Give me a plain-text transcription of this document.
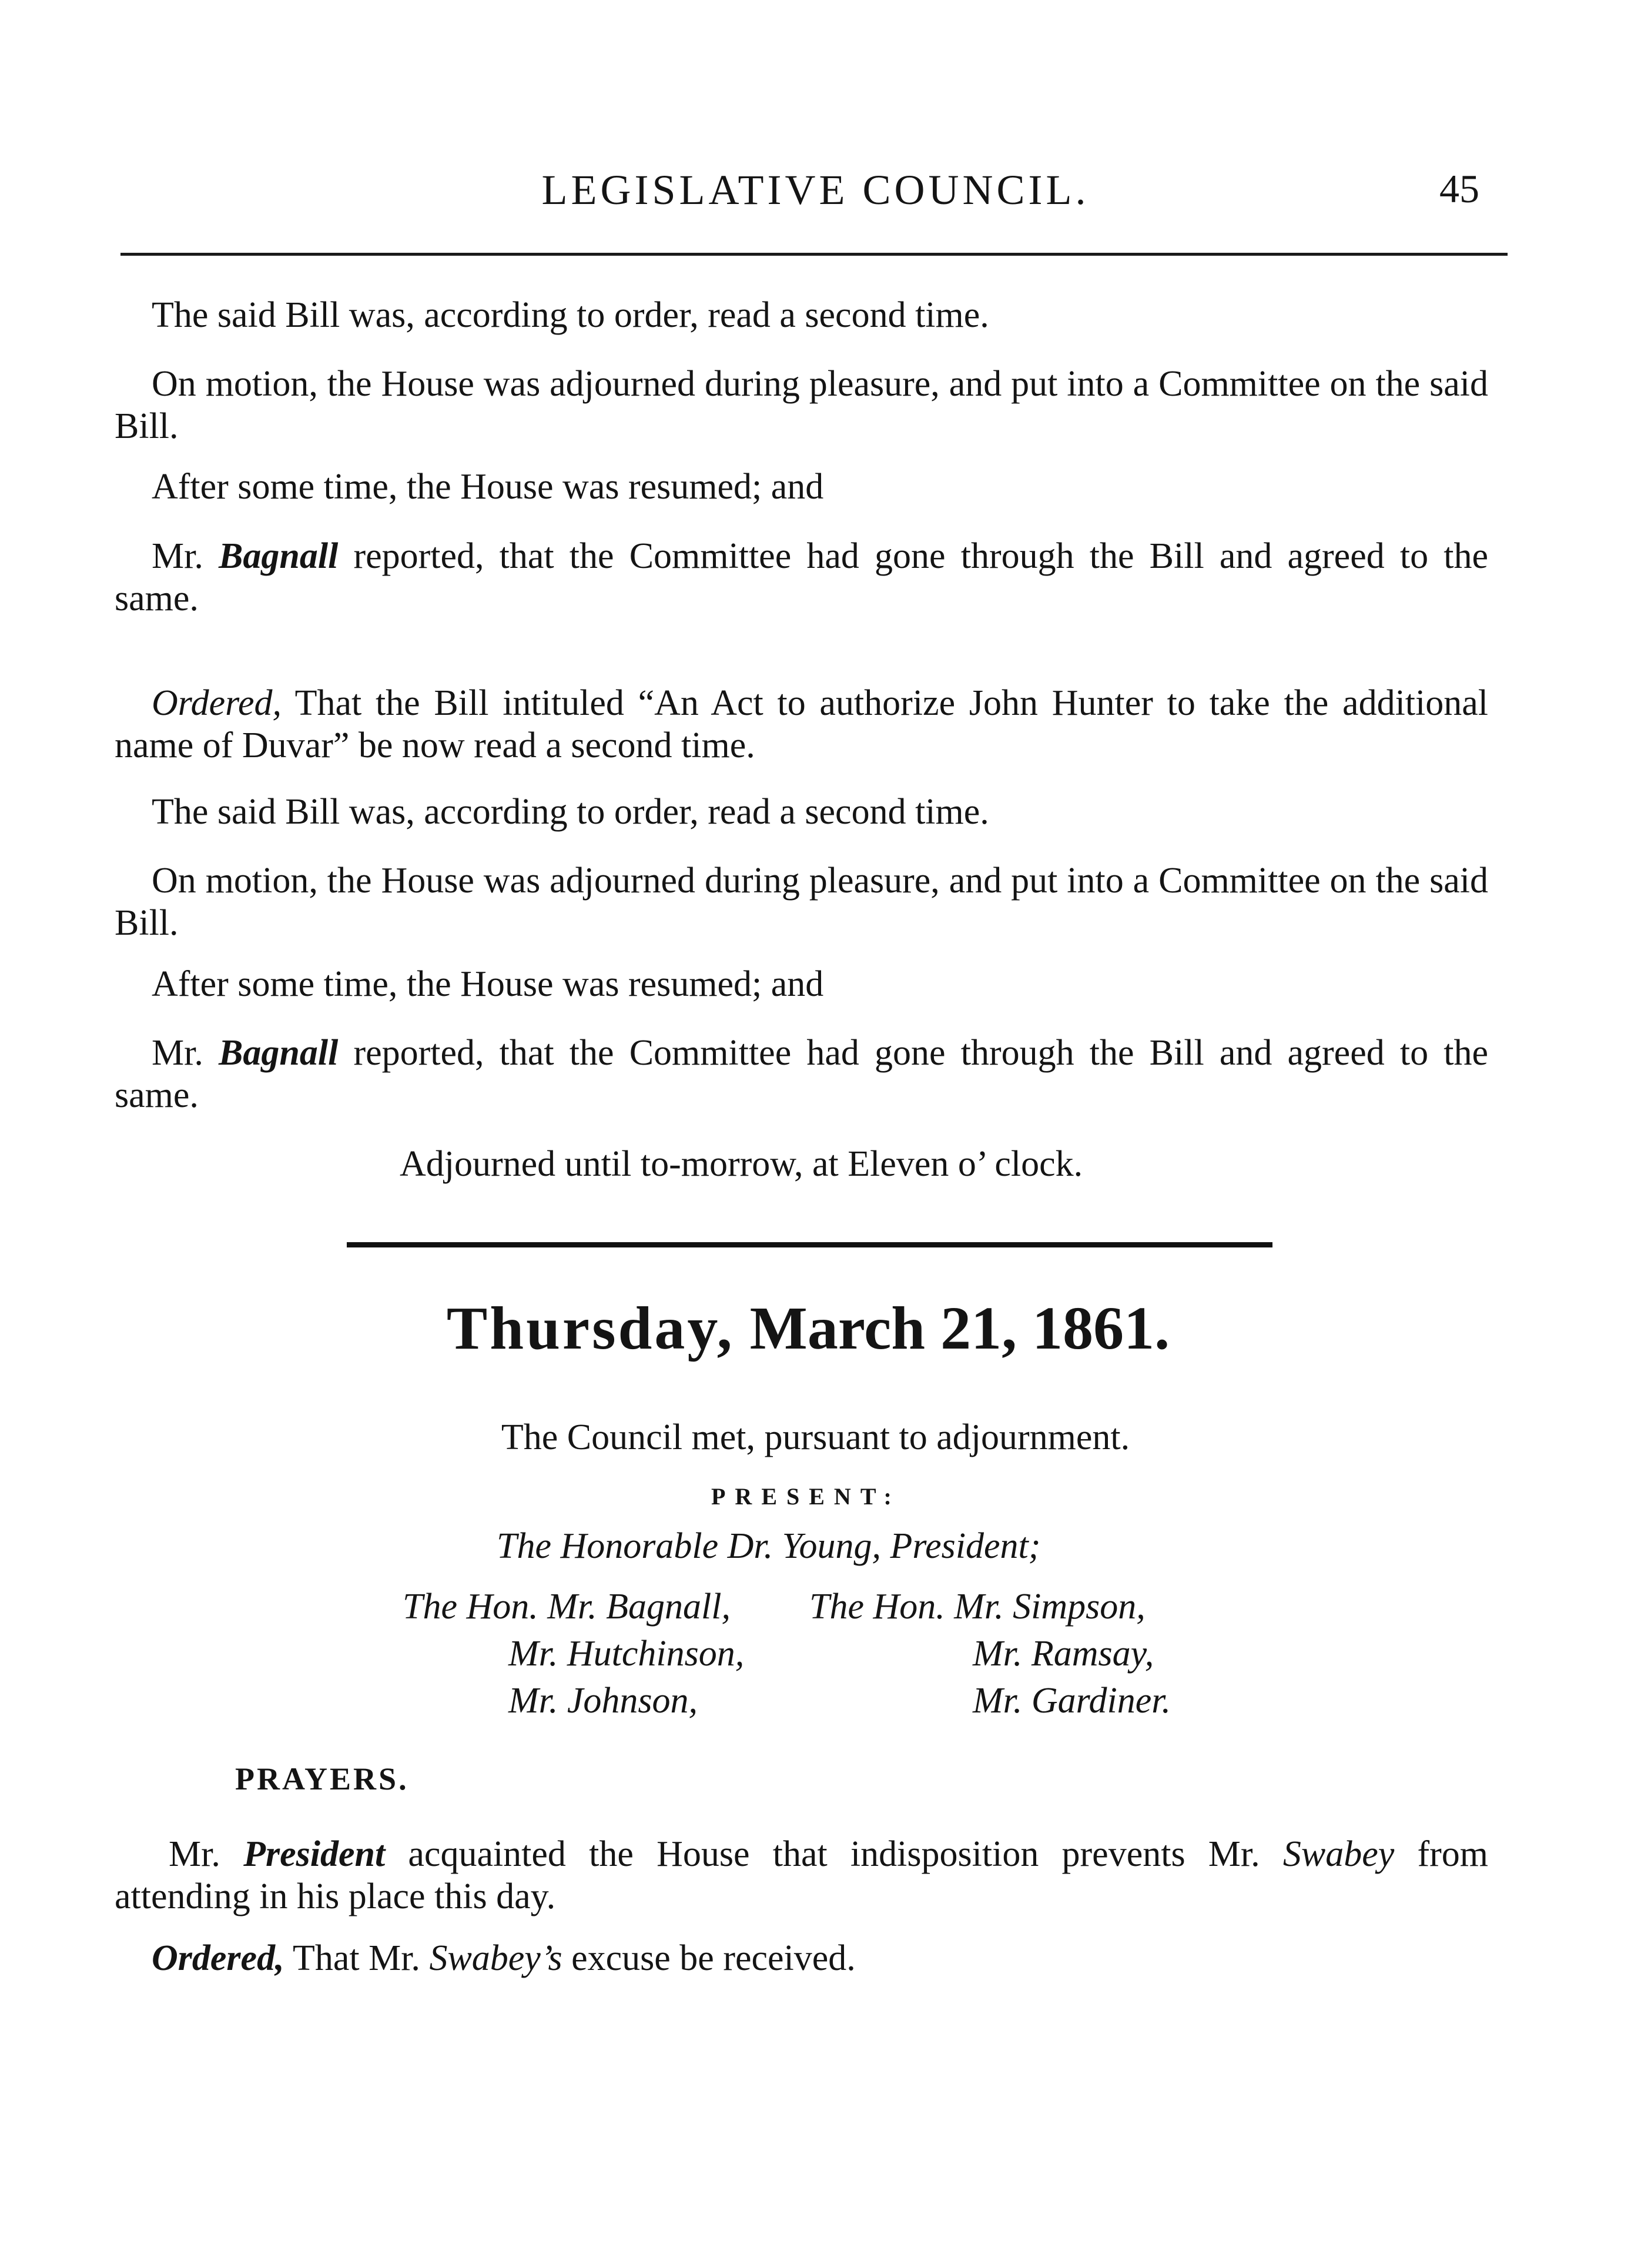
LEGISLATIVE COUNCIL.	45
The said Bill was, according to order, read a second time.
On motion, the House was adjourned during pleasure, and put into a Committee on the said Bill.
After some time, the House was resumed; and
Mr. Bagnall reported, that the Committee had gone through the Bill and agreed to the same.
Ordered, That the Bill intituled “An Act to authorize John Hunter to take the additional name of Duvar” be now read a second time.
The said Bill was, according to order, read a second time.
On motion, the House was adjourned during pleasure, and put into a Committee on the said Bill.
After some time, the House was resumed; and
Mr. Bagnall reported, that the Committee had gone through the Bill and agreed to the same.
Adjourned until to-morrow, at Eleven o’ clock.
Thursday, March 21, 1861.
The Council met, pursuant to adjournment.
PRESENT:
The Honorable Dr. Young, President;
The Hon. Mr. Bagnall,
Mr. Hutchinson,
Mr. Johnson,
The Hon. Mr. Simpson,
Mr. Ramsay,
Mr. Gardiner.
PRAYERS.
Mr. President acquainted the House that indisposition prevents Mr. Swabey from attending in his place this day.
Ordered, That Mr. Swabey’s excuse be received.
